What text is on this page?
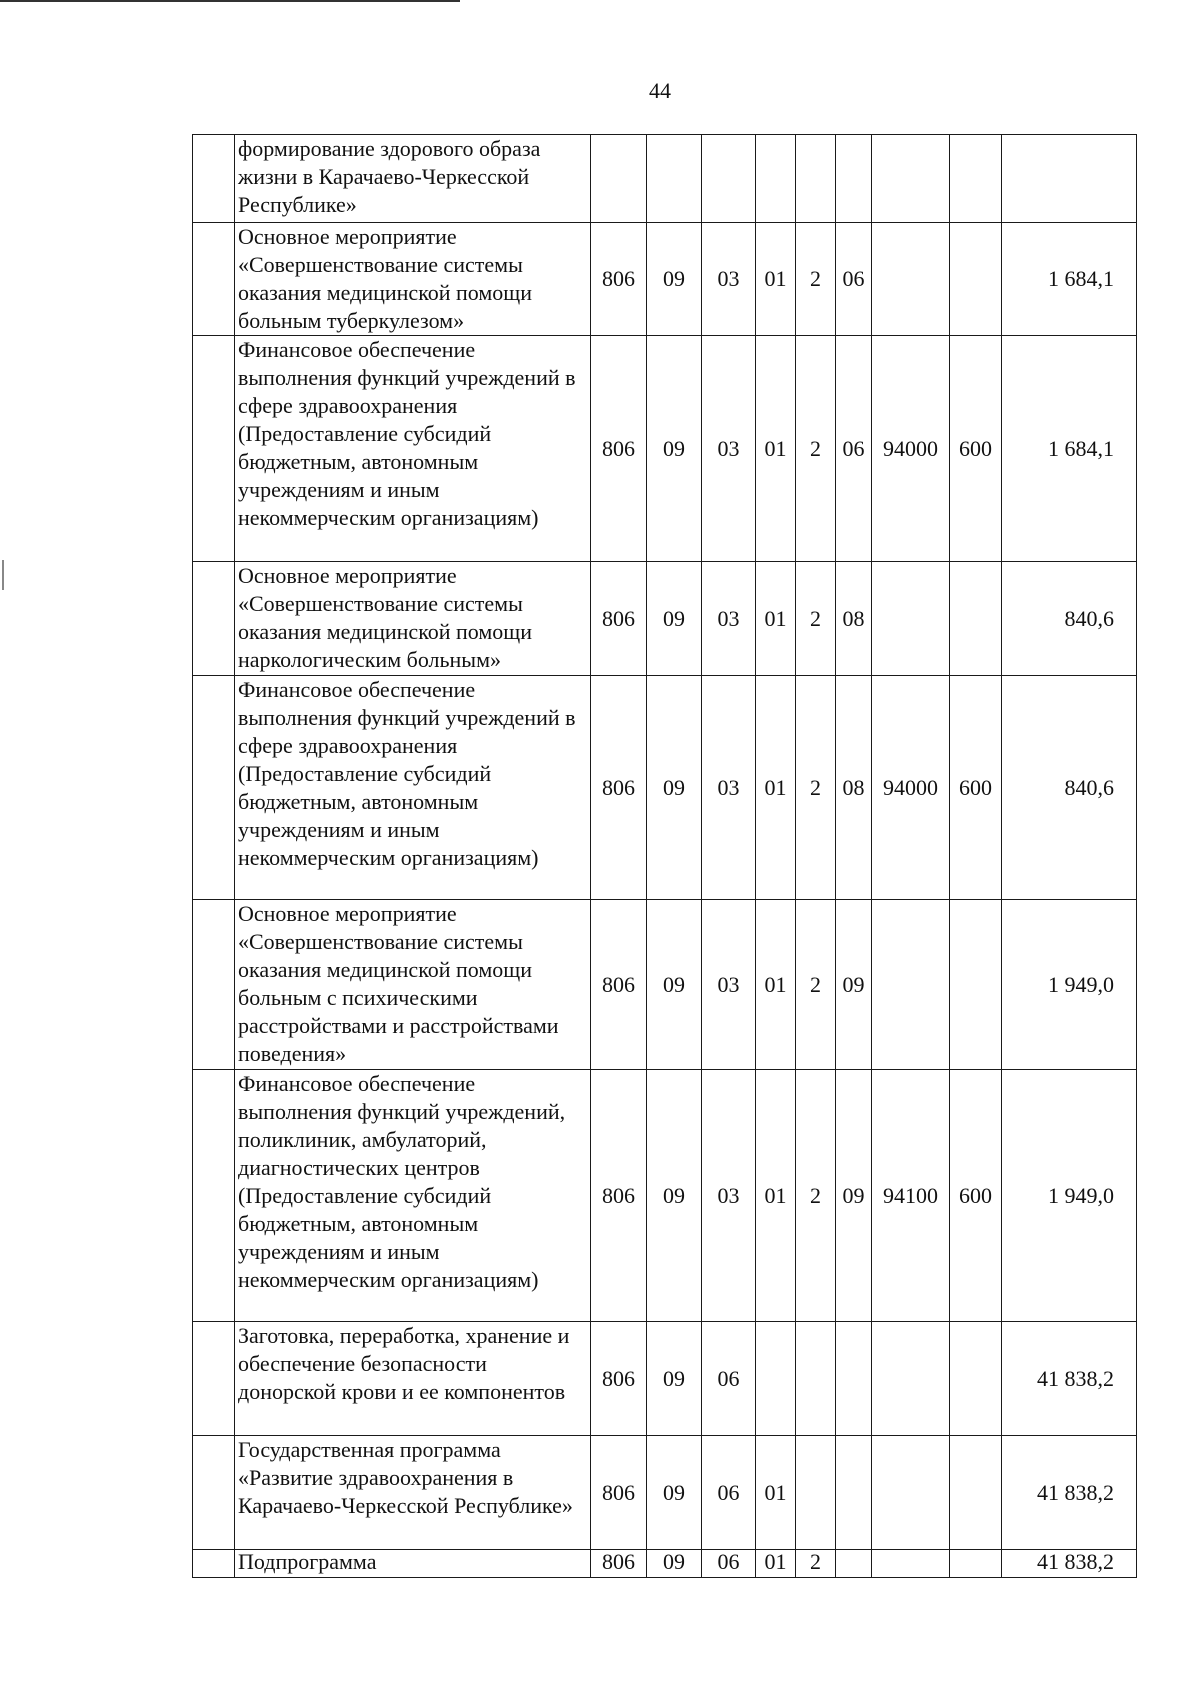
44
	формирование здорового образа жизни в Карачаево-Черкесской Республике»									
	Основное мероприятие «Совершенствование системы оказания медицинской помощи больным туберкулезом»	806	09	03	01	2	06			1 684,1
	Финансовое обеспечение выполнения функций учреждений в сфере здравоохранения (Предоставление субсидий бюджетным, автономным учреждениям и иным некоммерческим организациям)	806	09	03	01	2	06	94000	600	1 684,1
	Основное мероприятие «Совершенствование системы оказания медицинской помощи наркологическим больным»	806	09	03	01	2	08			840,6
	Финансовое обеспечение выполнения функций учреждений в сфере здравоохранения (Предоставление субсидий бюджетным, автономным учреждениям и иным некоммерческим организациям)	806	09	03	01	2	08	94000	600	840,6
	Основное мероприятие «Совершенствование системы оказания медицинской помощи больным с психическими расстройствами и расстройствами поведения»	806	09	03	01	2	09			1 949,0
	Финансовое обеспечение выполнения функций учреждений, поликлиник, амбулаторий, диагностических центров (Предоставление субсидий бюджетным, автономным учреждениям и иным некоммерческим организациям)	806	09	03	01	2	09	94100	600	1 949,0
	Заготовка, переработка, хранение и обеспечение безопасности донорской крови и ее компонентов	806	09	06						41 838,2
	Государственная программа «Развитие здравоохранения в Карачаево-Черкесской Республике»	806	09	06	01					41 838,2
	Подпрограмма	806	09	06	01	2				41 838,2
